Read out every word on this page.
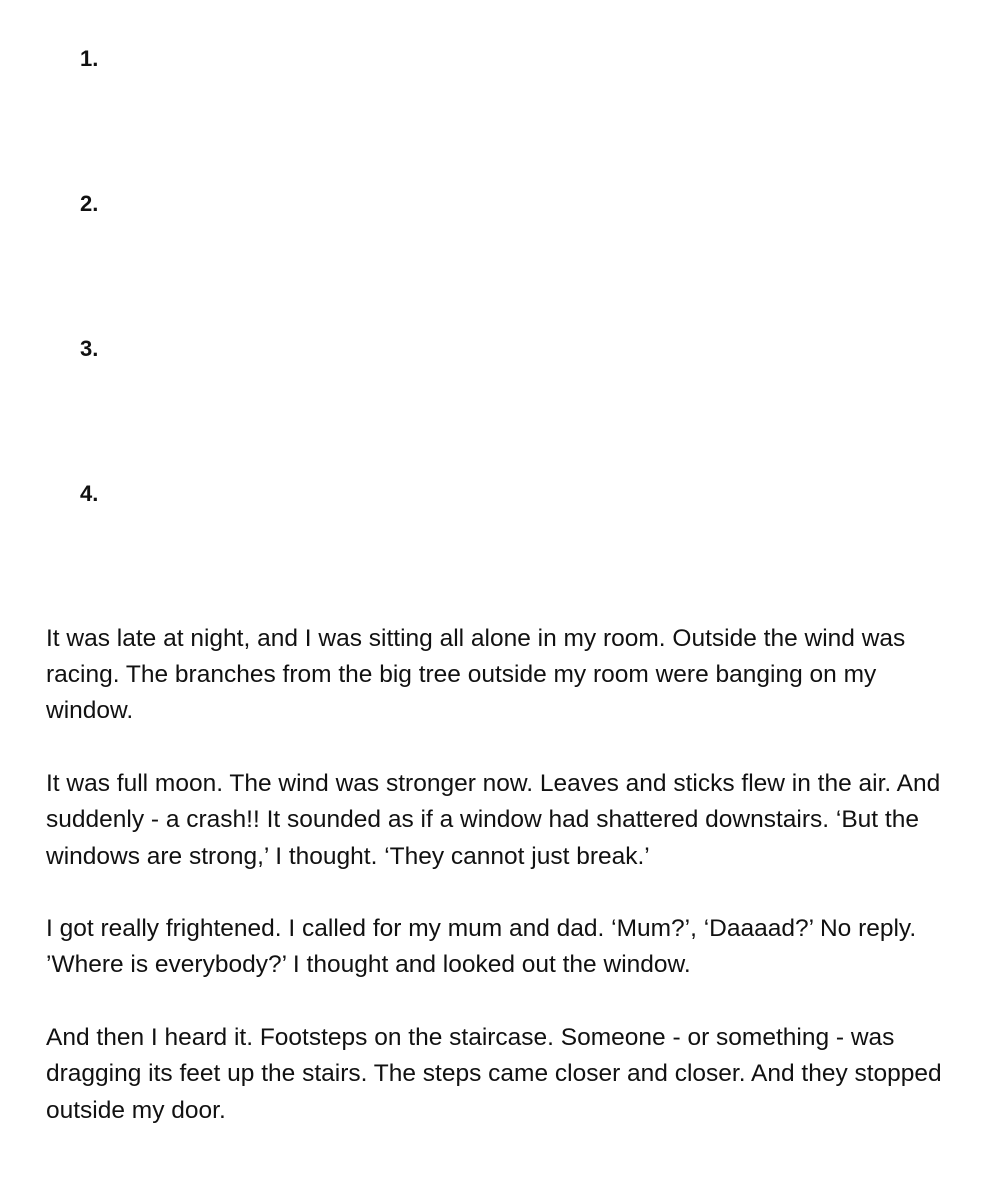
1.
2.
3.
4.

It was late at night, and I was sitting all alone in my room. Outside the wind was racing. The branches from the big tree outside my room were banging on my window.

It was full moon. The wind was stronger now. Leaves and sticks flew in the air. And suddenly - a crash!! It sounded as if a window had shattered downstairs. ‘But the windows are strong,’ I thought. ‘They cannot just break.’

I got really frightened. I called for my mum and dad. ‘Mum?’, ‘Daaaad?’ No reply. ’Where is everybody?’ I thought and looked out the window.

And then I heard it. Footsteps on the staircase. Someone - or something - was dragging its feet up the stairs. The steps came closer and closer. And they stopped outside my door.
